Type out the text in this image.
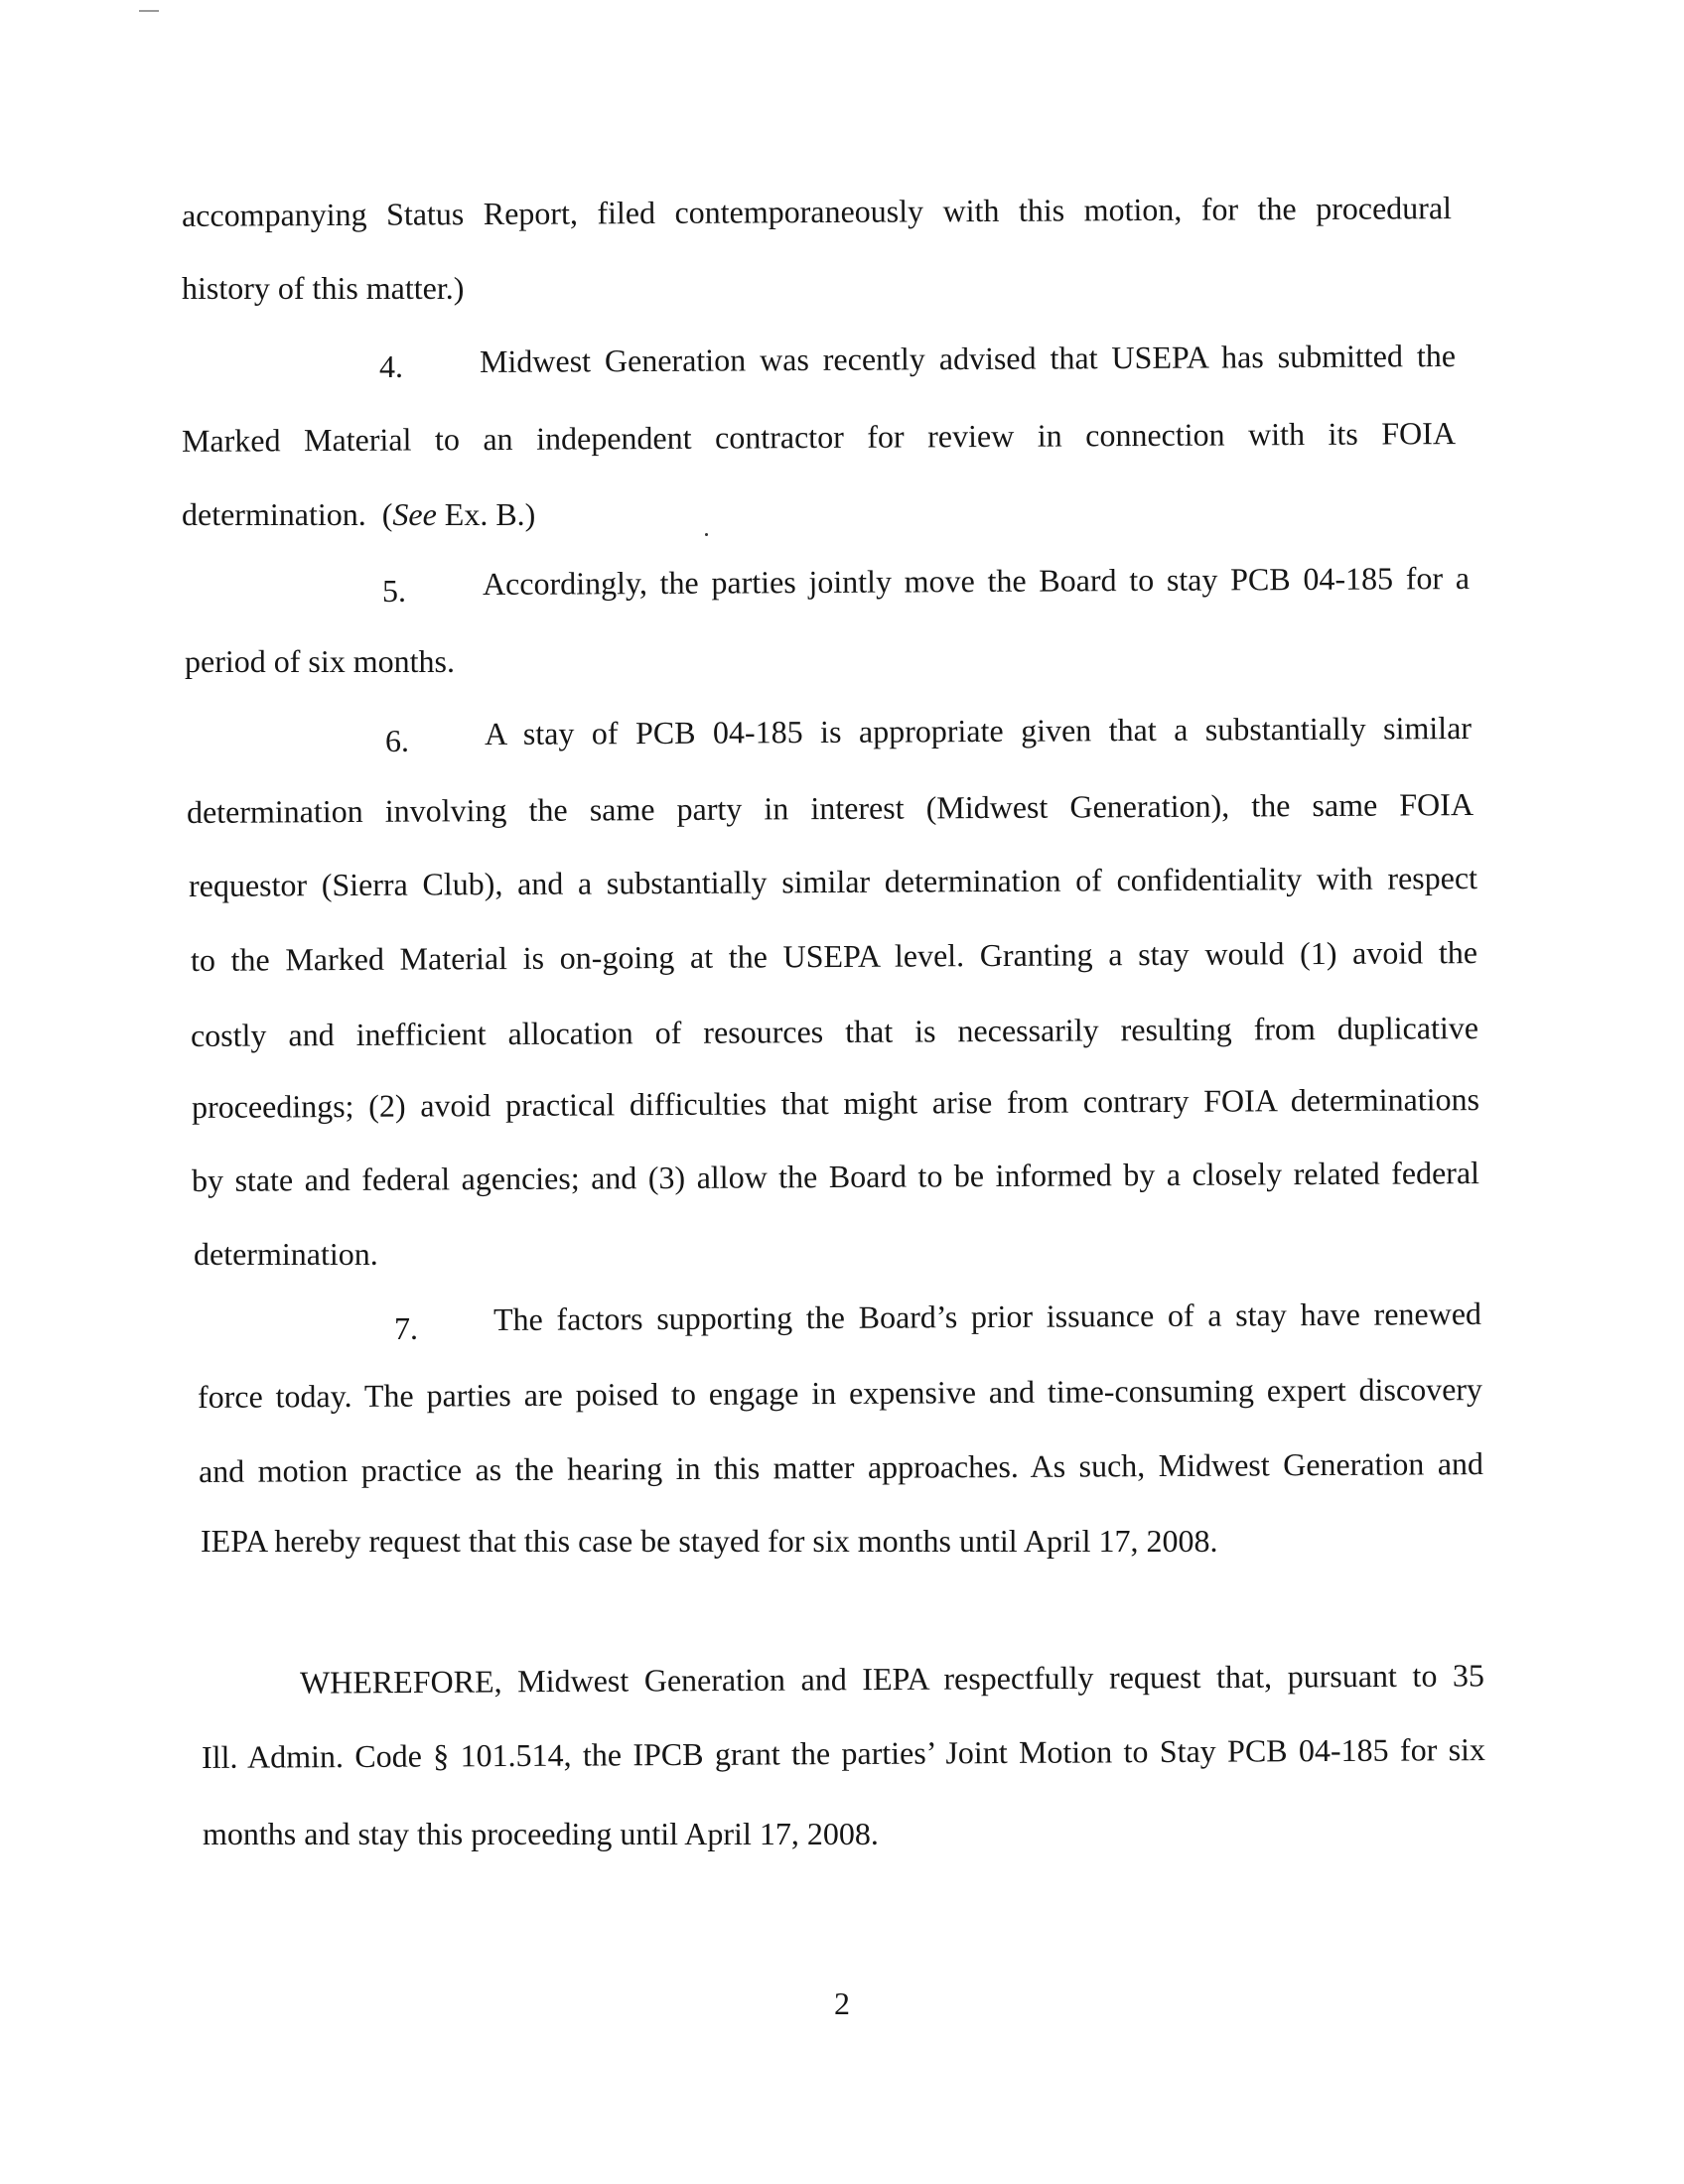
accompanying Status Report, filed contemporaneously with this motion, for the procedural
history of this matter.)
4. Midwest Generation was recently advised that USEPA has submitted the
Marked Material to an independent contractor for review in connection with its FOIA
determination.  (See Ex. B.)
5. Accordingly, the parties jointly move the Board to stay PCB 04-185 for a
period of six months.
6. A stay of PCB 04-185 is appropriate given that a substantially similar
determination involving the same party in interest (Midwest Generation), the same FOIA
requestor (Sierra Club), and a substantially similar determination of confidentiality with respect
to the Marked Material is on-going at the USEPA level. Granting a stay would (1) avoid the
costly and inefficient allocation of resources that is necessarily resulting from duplicative
proceedings; (2) avoid practical difficulties that might arise from contrary FOIA determinations
by state and federal agencies; and (3) allow the Board to be informed by a closely related federal
determination.
7. The factors supporting the Board’s prior issuance of a stay have renewed
force today. The parties are poised to engage in expensive and time-consuming expert discovery
and motion practice as the hearing in this matter approaches. As such, Midwest Generation and
IEPA hereby request that this case be stayed for six months until April 17, 2008.
WHEREFORE, Midwest Generation and IEPA respectfully request that, pursuant to 35
Ill. Admin. Code § 101.514, the IPCB grant the parties’ Joint Motion to Stay PCB 04-185 for six
months and stay this proceeding until April 17, 2008.
2
